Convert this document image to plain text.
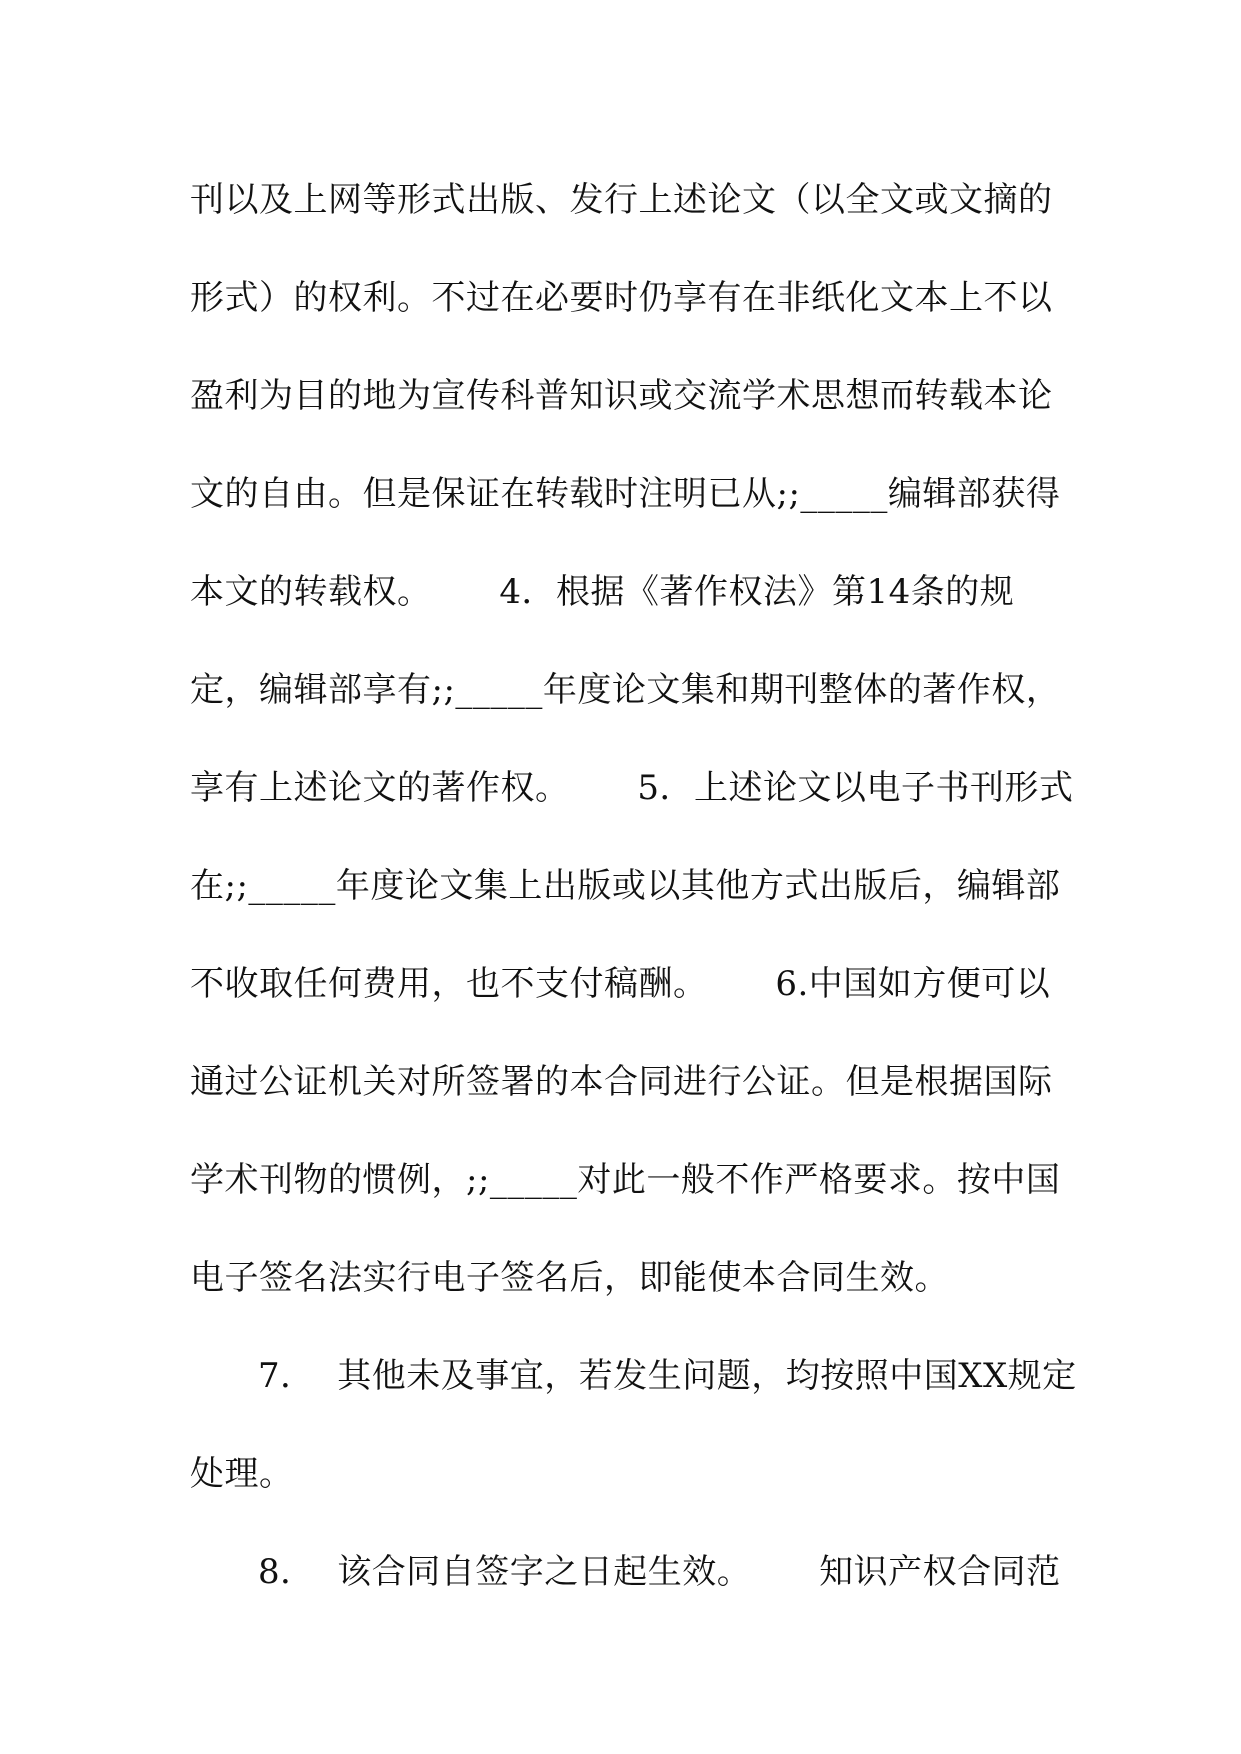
刊以及上网等形式出版、发行上述论文（以全文或文摘的
形式）的权利。不过在必要时仍享有在非纸化文本上不以
盈利为目的地为宣传科普知识或交流学术思想而转载本论
文的自由。但是保证在转载时注明已从;;_____编辑部获得
本文的转载权。      4．根据《著作权法》第14条的规
定，编辑部享有;;_____年度论文集和期刊整体的著作权，
享有上述论文的著作权。      5．上述论文以电子书刊形式
在;;_____年度论文集上出版或以其他方式出版后，编辑部
不收取任何费用，也不支付稿酬。      6.中国如方便可以
通过公证机关对所签署的本合同进行公证。但是根据国际
学术刊物的惯例，;;_____对此一般不作严格要求。按中国
电子签名法实行电子签名后，即能使本合同生效。
7．  其他未及事宜，若发生问题，均按照中国XX规定
处理。
8．  该合同自签字之日起生效。      知识产权合同范
